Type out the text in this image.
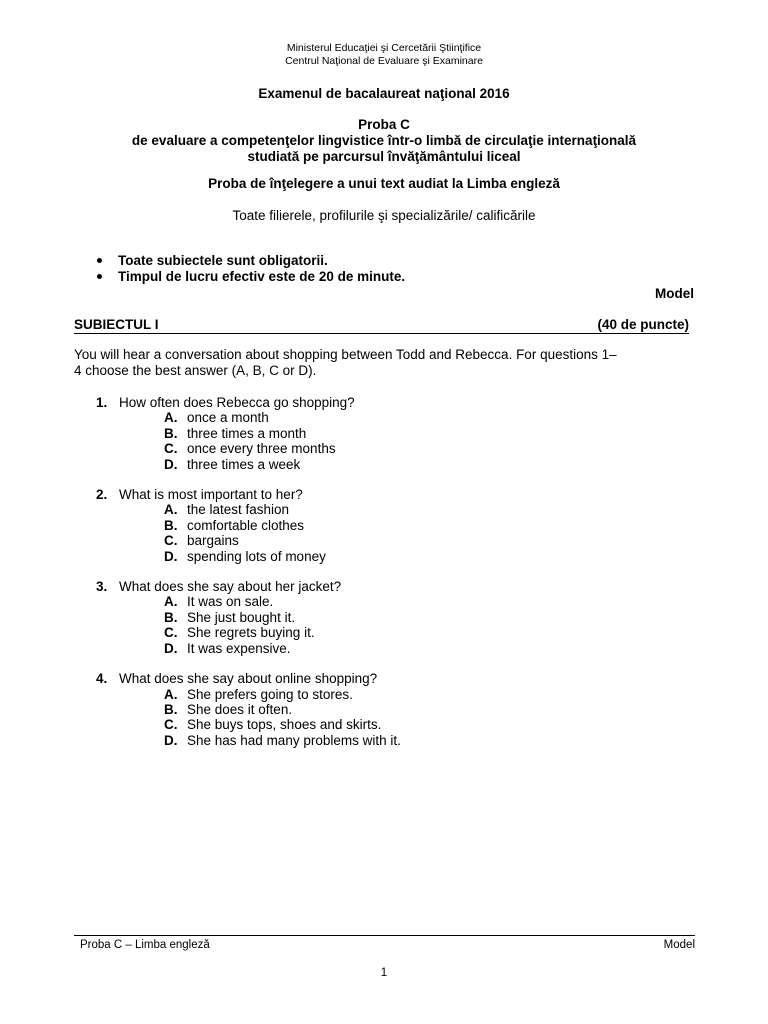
Ministerul Educaţiei şi Cercetării Ştiinţifice
Centrul Naţional de Evaluare şi Examinare
Examenul de bacalaureat naţional 2016
Proba C
de evaluare a competenţelor lingvistice într-o limbă de circulaţie internaţională
studiată pe parcursul învăţământului liceal
Proba de înţelegere a unui text audiat la Limba engleză
Toate filierele, profilurile şi specializările/ calificările
Toate subiectele sunt obligatorii.
Timpul de lucru efectiv este de 20 de minute.
Model
SUBIECTUL I	(40 de puncte)
You will hear a conversation about shopping between Todd and Rebecca. For questions 1–
4 choose the best answer (A, B, C or D).
1. How often does Rebecca go shopping?
A. once a month
B. three times a month
C. once every three months
D. three times a week
2. What is most important to her?
A. the latest fashion
B. comfortable clothes
C. bargains
D. spending lots of money
3. What does she say about her jacket?
A. It was on sale.
B. She just bought it.
C. She regrets buying it.
D. It was expensive.
4. What does she say about online shopping?
A. She prefers going to stores.
B. She does it often.
C. She buys tops, shoes and skirts.
D. She has had many problems with it.
Proba C – Limba engleză	Model
1
